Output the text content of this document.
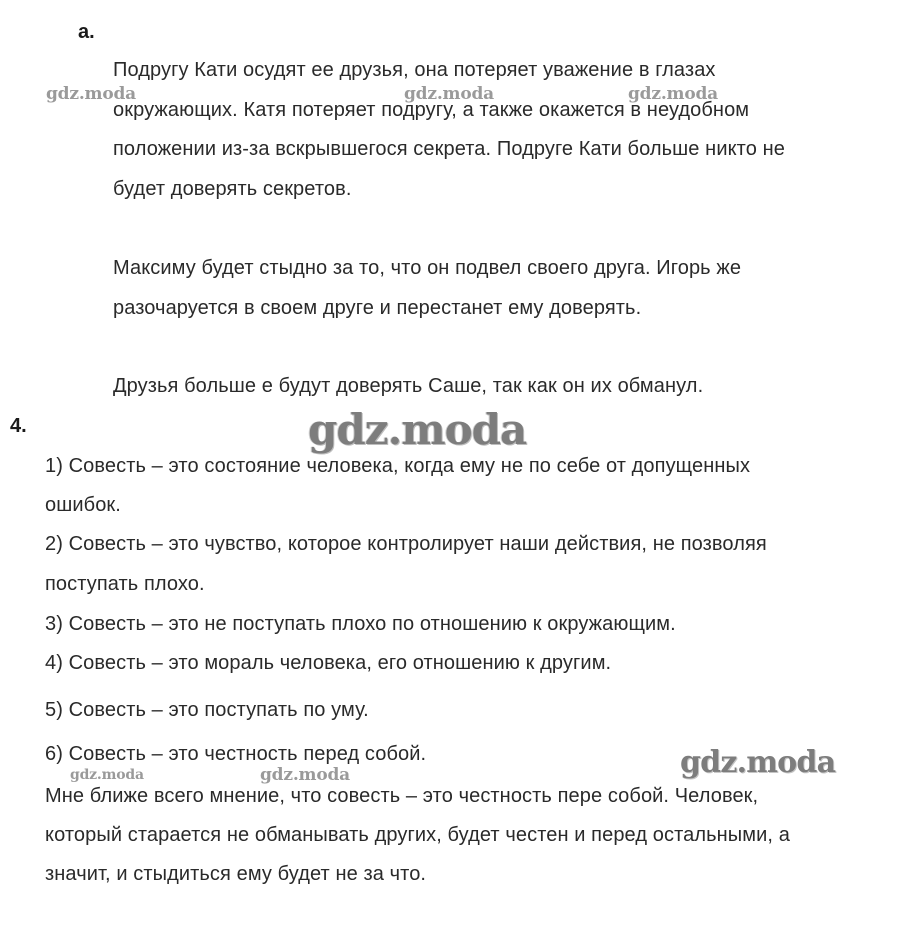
а.
Подругу Кати осудят ее друзья, она потеряет уважение в глазах
окружающих. Катя потеряет подругу, а также окажется в неудобном
положении из-за вскрывшегося секрета. Подруге Кати больше никто не
будет доверять секретов.
Максиму будет стыдно за то, что он подвел своего друга. Игорь же
разочаруется в своем друге и перестанет ему доверять.
Друзья больше е будут доверять Саше, так как он их обманул.
4.
1) Совесть – это состояние человека, когда ему не по себе от допущенных
ошибок.
2) Совесть – это чувство, которое контролирует наши действия, не позволяя
поступать плохо.
3) Совесть – это не поступать плохо по отношению к окружающим.
4) Совесть – это мораль человека, его отношению к другим.
5) Совесть – это поступать по уму.
6) Совесть – это честность перед собой.
Мне ближе всего мнение, что совесть – это честность пере собой. Человек,
который старается не обманывать других, будет честен и перед остальными, а
значит, и стыдиться ему будет не за что.
gdz.moda	gdz.moda	gdz.moda
gdz.moda
gdz.moda
gdz.moda	gdz.moda
